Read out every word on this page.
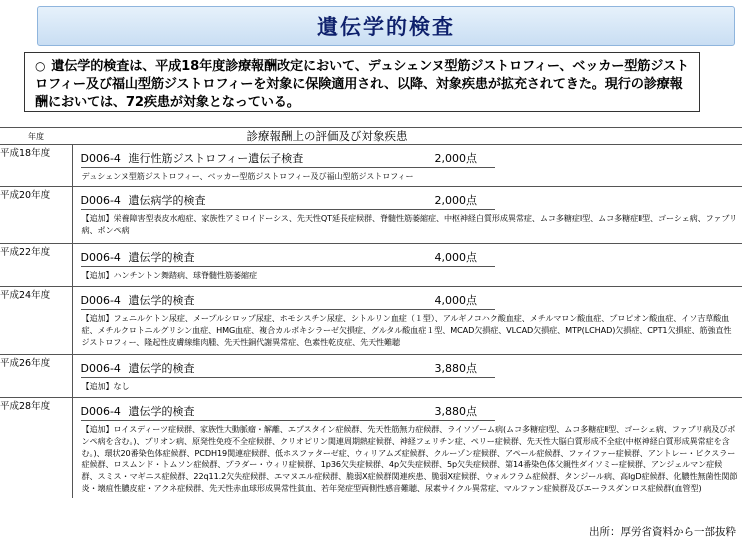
遺伝学的検査
○ 遺伝学的検査は、平成18年度診療報酬改定において、デュシェンヌ型筋ジストロフィー、ベッカー型筋ジストロフィー及び福山型筋ジストロフィーを対象に保険適用され、以降、対象疾患が拡充されてきた。現行の診療報酬においては、72疾患が対象となっている。
年度	診療報酬上の評価及び対象疾患
平成18年度	D006-4 進行性筋ジストロフィー遺伝子検査 2,000点
デュシェンヌ型筋ジストロフィー、ベッカー型筋ジストロフィー及び福山型筋ジストロフィー

平成20年度	D006-4 遺伝病学的検査 2,000点
【追加】栄養障害型表皮水疱症、家族性アミロイドーシス、先天性QT延長症候群、脊髄性筋萎縮症、中枢神経白質形成異常症、ムコ多糖症Ⅰ型、ムコ多糖症Ⅱ型、ゴーシェ病、ファブリ病、ポンペ病

平成22年度	D006-4 遺伝学的検査 4,000点
【追加】ハンチントン舞踏病、球脊髄性筋萎縮症

平成24年度	D006-4 遺伝学的検査 4,000点
【追加】フェニルケトン尿症、メープルシロップ尿症、ホモシスチン尿症、シトルリン血症（１型）、アルギノコハク酸血症、メチルマロン酸血症、プロピオン酸血症、イソ吉草酸血症、メチルクロトニルグリシン血症、HMG血症、複合カルボキシラーゼ欠損症、グルタル酸血症１型、MCAD欠損症、VLCAD欠損症、MTP(LCHAD)欠損症、CPT1欠損症、筋強直性ジストロフィー、隆起性皮膚線維肉腫、先天性銅代謝異常症、色素性乾皮症、先天性難聴

平成26年度	D006-4 遺伝学的検査 3,880点
【追加】なし

平成28年度	D006-4 遺伝学的検査 3,880点
【追加】ロイスディーツ症候群、家族性大動脈瘤・解離、エプスタイン症候群、先天性筋無力症候群、ライソゾーム病(ムコ多糖症Ⅰ型、ムコ多糖症Ⅱ型、ゴーシェ病、ファブリ病及びポンペ病を含む。)、プリオン病、原発性免疫不全症候群、クリオピリン関連周期熱症候群、神経フェリチン症、ペリー症候群、先天性大脳白質形成不全症(中枢神経白質形成異常症を含む。)、環状20番染色体症候群、PCDH19関連症候群、低ホスファターゼ症、ウィリアムズ症候群、クルーゾン症候群、アペール症候群、ファイファー症候群、アントレー・ビクスラー症候群、ロスムンド・トムソン症候群、プラダー・ウィリ症候群、1p36欠失症候群、4p欠失症候群、5p欠失症候群、第14番染色体父親性ダイソミー症候群、アンジェルマン症候群、スミス・マギニス症候群、22q11.2欠失症候群、エマヌエル症候群、脆弱X症候群関連疾患、脆弱X症候群、ウォルフラム症候群、タンジール病、高IgD症候群、化膿性無菌性関節炎・壊疽性膿皮症・アクネ症候群、先天性赤血球形成異常性貧血、若年発症型両側性感音難聴、尿素サイクル異常症、マルファン症候群及びエーラスダンロス症候群(血管型)
出所：厚労省資料から一部抜粋
